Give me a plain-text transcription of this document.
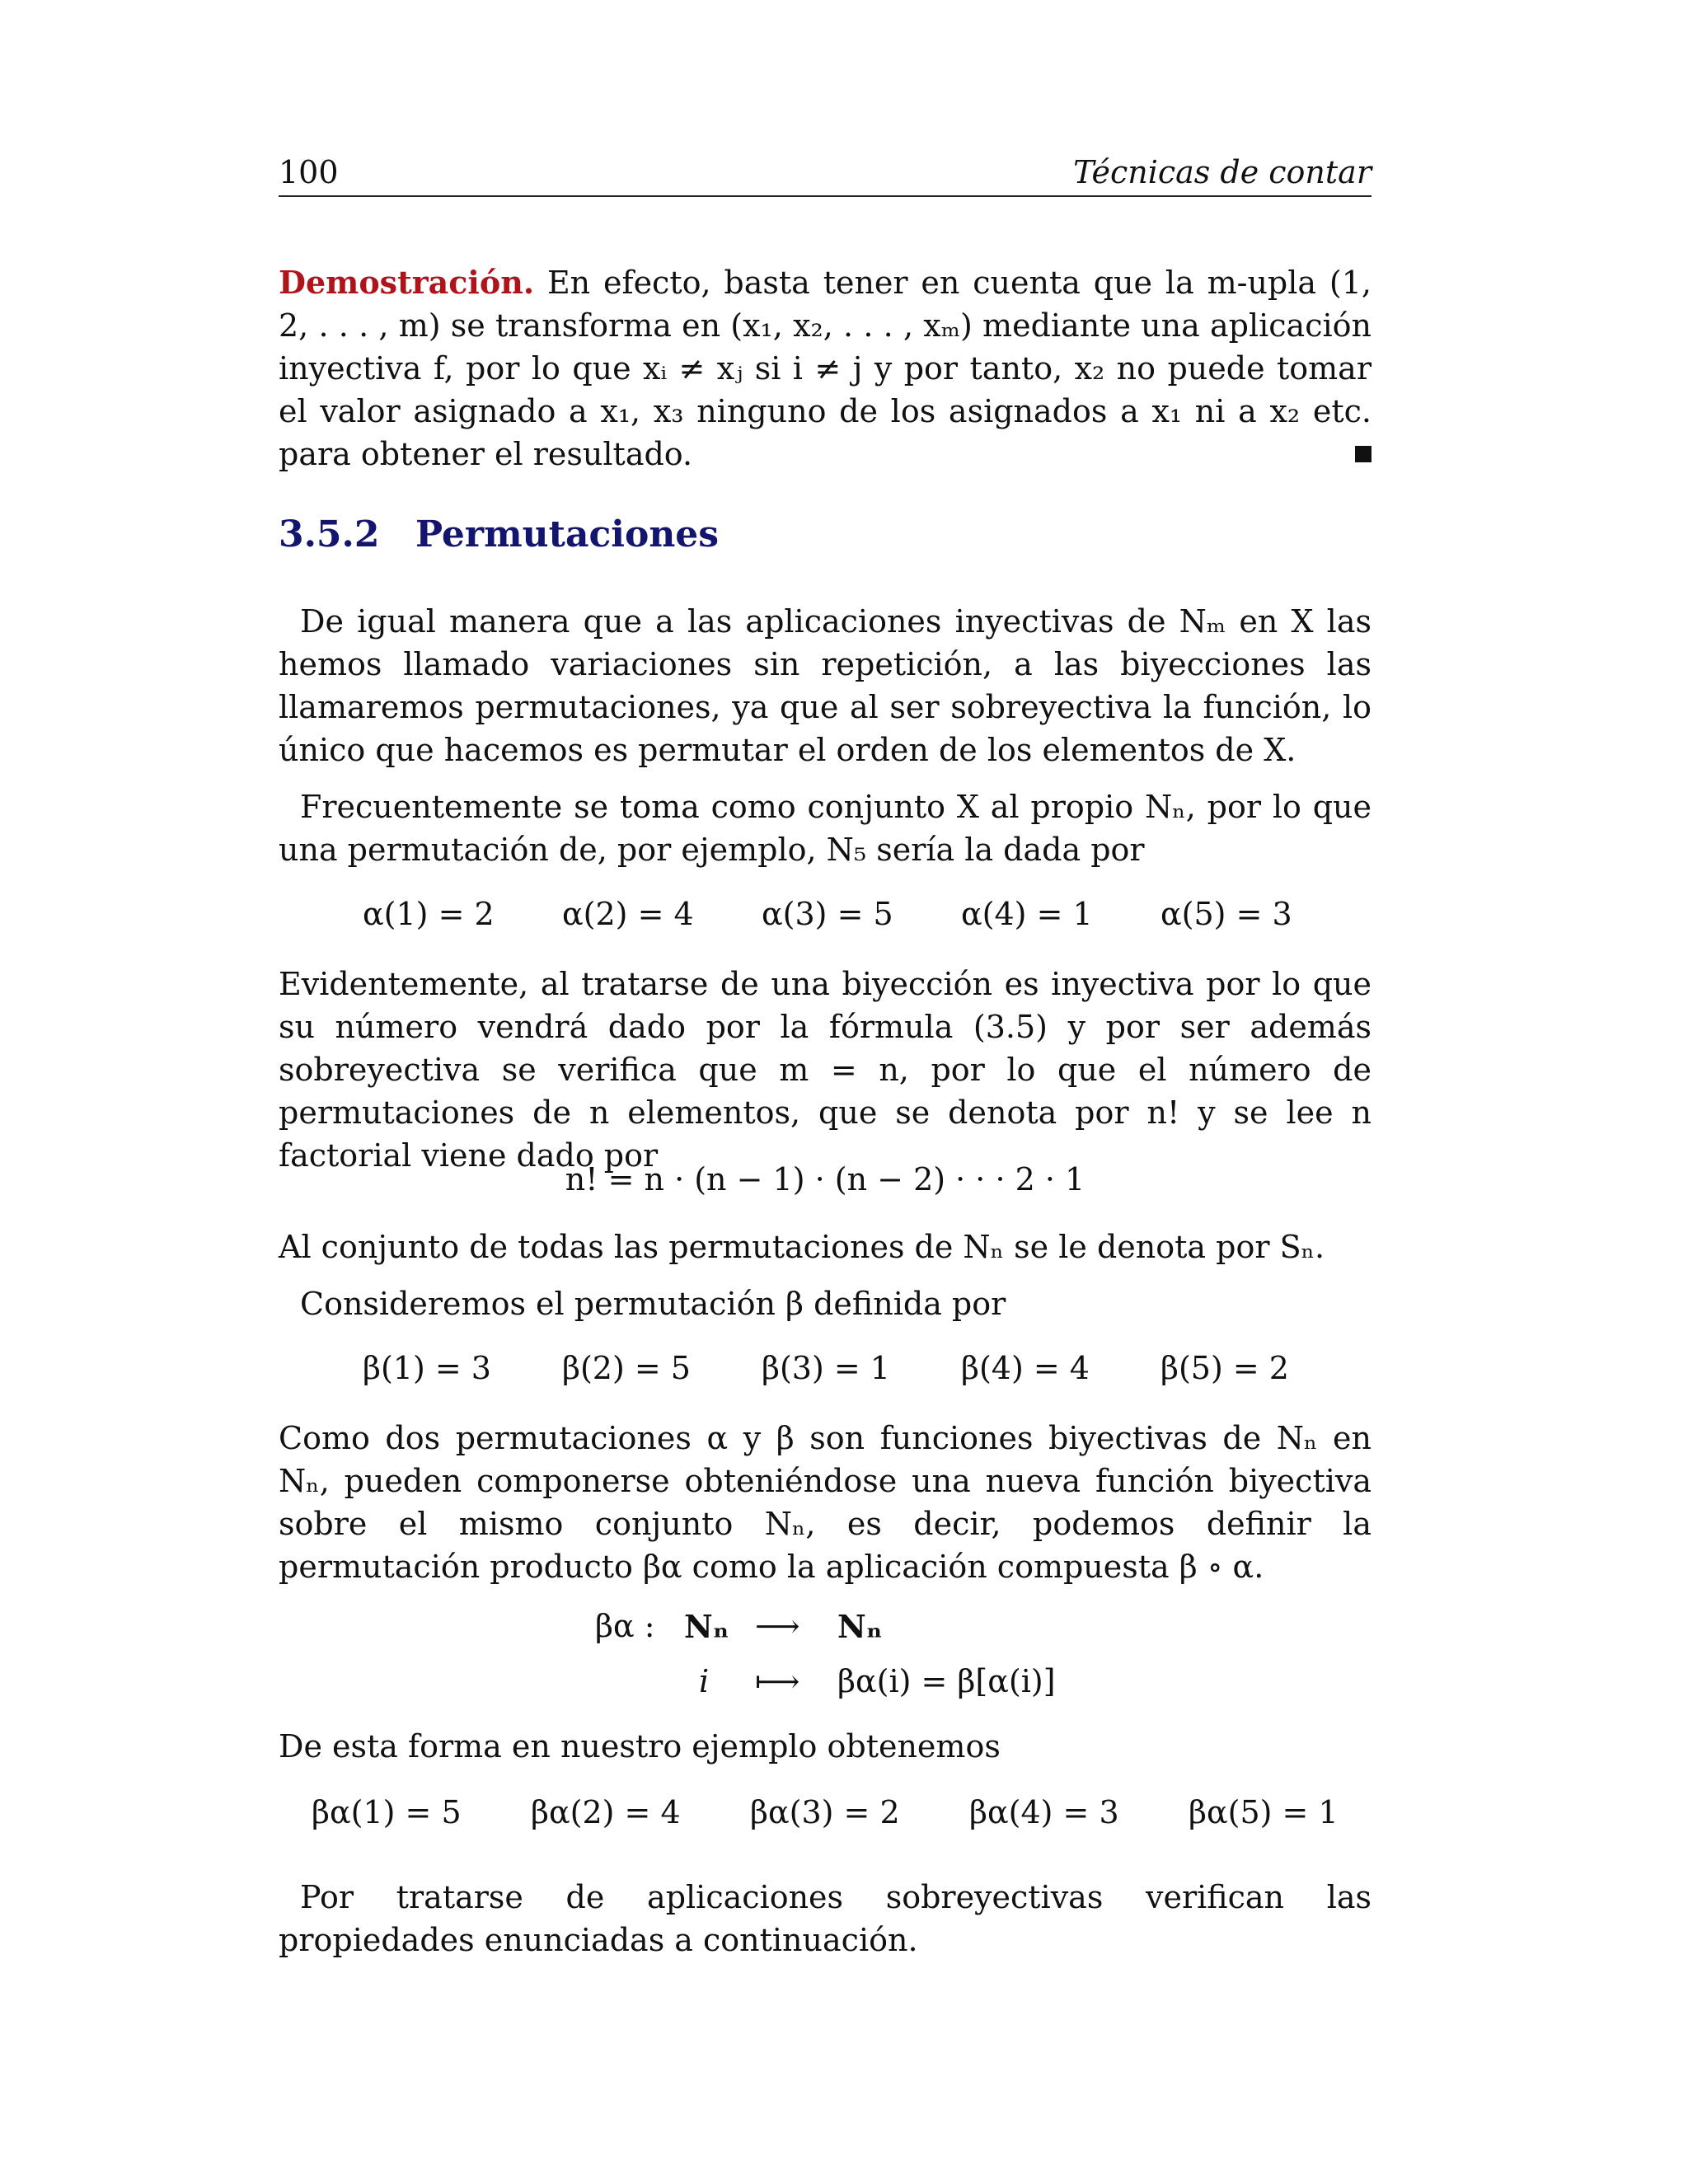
100	Técnicas de contar

Demostración. En efecto, basta tener en cuenta que la m-upla (1, 2, . . . , m) se transforma en (x₁, x₂, . . . , xₘ) mediante una aplicación inyectiva f, por lo que xᵢ ≠ xⱼ si i ≠ j y por tanto, x₂ no puede tomar el valor asignado a x₁, x₃ ninguno de los asignados a x₁ ni a x₂ etc. para obtener el resultado.

3.5.2 Permutaciones

De igual manera que a las aplicaciones inyectivas de Nₘ en X las hemos llamado variaciones sin repetición, a las biyecciones las llamaremos permutaciones, ya que al ser sobreyectiva la función, lo único que hacemos es permutar el orden de los elementos de X.

Frecuentemente se toma como conjunto X al propio Nₙ, por lo que una permutación de, por ejemplo, N₅ sería la dada por

α(1) = 2 α(2) = 4 α(3) = 5 α(4) = 1 α(5) = 3

Evidentemente, al tratarse de una biyección es inyectiva por lo que su número vendrá dado por la fórmula (3.5) y por ser además sobreyectiva se verifica que m = n, por lo que el número de permutaciones de n elementos, que se denota por n! y se lee n factorial viene dado por

n! = n · (n − 1) · (n − 2) · · · 2 · 1

Al conjunto de todas las permutaciones de Nₙ se le denota por Sₙ.

Consideremos el permutación β definida por

β(1) = 3 β(2) = 5 β(3) = 1 β(4) = 4 β(5) = 2

Como dos permutaciones α y β son funciones biyectivas de Nₙ en Nₙ, pueden componerse obteniéndose una nueva función biyectiva sobre el mismo conjunto Nₙ, es decir, podemos definir la permutación producto βα como la aplicación compuesta β ∘ α.

βα : Nₙ ⟶ Nₙ
i ⟼ βα(i) = β[α(i)]

De esta forma en nuestro ejemplo obtenemos

βα(1) = 5 βα(2) = 4 βα(3) = 2 βα(4) = 3 βα(5) = 1

Por tratarse de aplicaciones sobreyectivas verifican las propiedades enunciadas a continuación.
